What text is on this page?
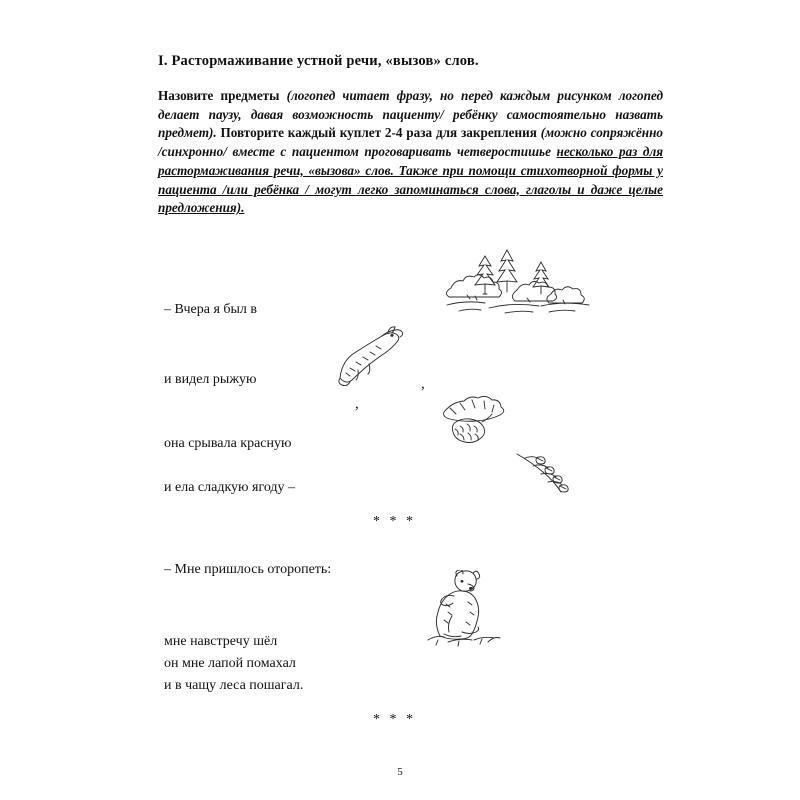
I. Растормаживание устной речи, «вызов» слов.

Назовите предметы (логопед читает фразу, но перед каждым рисунком логопед делает паузу, давая возможность пациенту/ ребёнку самостоятельно назвать предмет). Повторите каждый куплет 2-4 раза для закрепления (можно сопряжённо /синхронно/ вместе с пациентом проговаривать четверостишье несколько раз для растормаживания речи, «вызова» слов. Также при помощи стихотворной формы у пациента /или ребёнка / могут легко запоминаться слова, глаголы и даже целые предложения).

– Вчера я был в
и видел рыжую
она срывала красную
и ела сладкую ягоду –
,
,
* * *
– Мне пришлось оторопеть:
мне навстречу шёл
он мне лапой помахал
и в чащу леса пошагал.
* * *
5
